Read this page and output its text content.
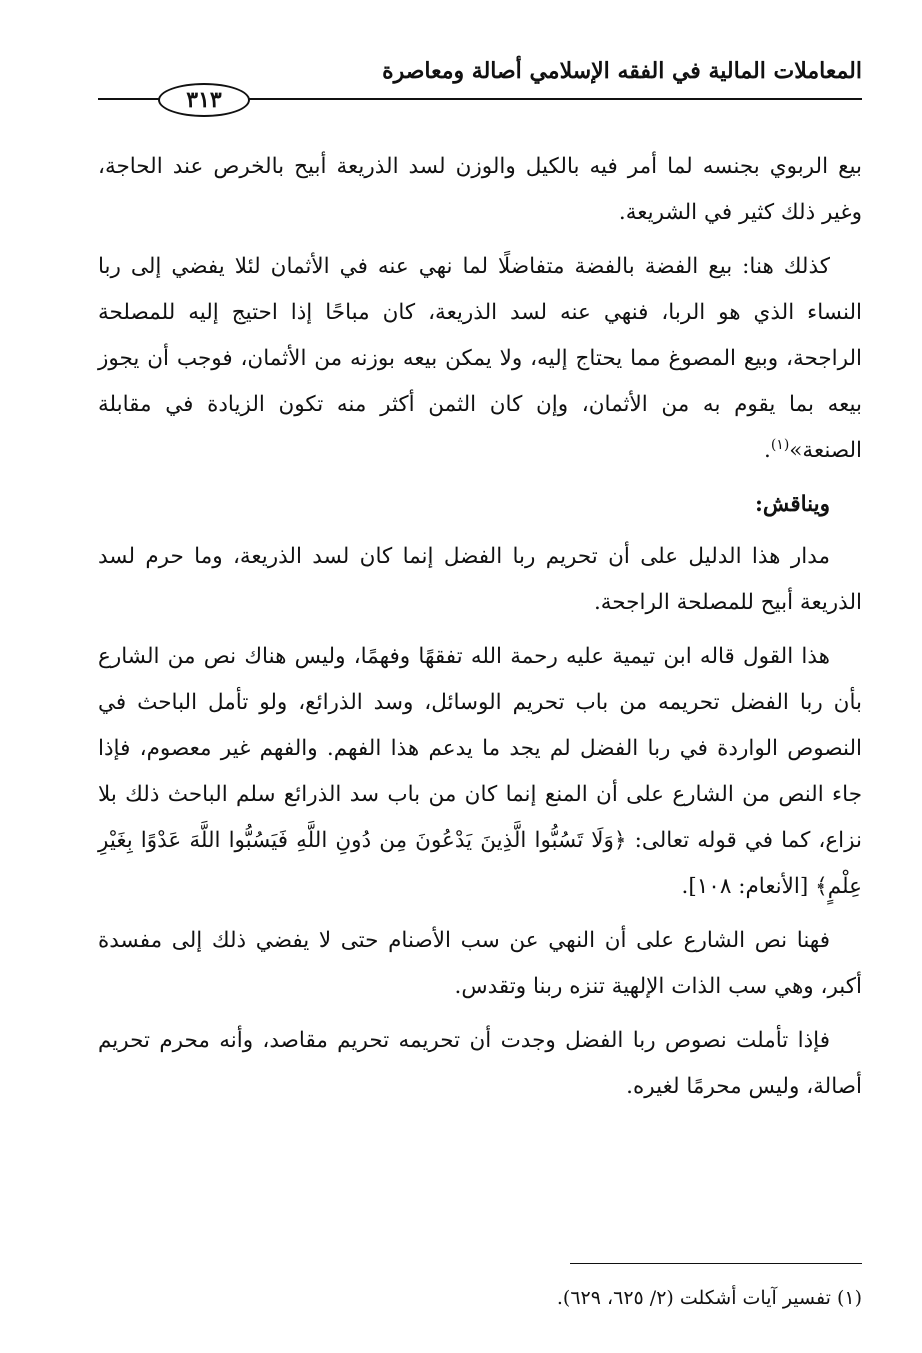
المعاملات المالية في الفقه الإسلامي أصالة ومعاصرة
٣١٣

بيع الربوي بجنسه لما أمر فيه بالكيل والوزن لسد الذريعة أبيح بالخرص عند الحاجة، وغير ذلك كثير في الشريعة.

كذلك هنا: بيع الفضة بالفضة متفاضلًا لما نهي عنه في الأثمان لئلا يفضي إلى ربا النساء الذي هو الربا، فنهي عنه لسد الذريعة، كان مباحًا إذا احتيج إليه للمصلحة الراجحة، وبيع المصوغ مما يحتاج إليه، ولا يمكن بيعه بوزنه من الأثمان، فوجب أن يجوز بيعه بما يقوم به من الأثمان، وإن كان الثمن أكثر منه تكون الزيادة في مقابلة الصنعة»$^{(١)}$.

ويناقش:

مدار هذا الدليل على أن تحريم ربا الفضل إنما كان لسد الذريعة، وما حرم لسد الذريعة أبيح للمصلحة الراجحة.

هذا القول قاله ابن تيمية عليه رحمة الله تفقهًا وفهمًا، وليس هناك نص من الشارع بأن ربا الفضل تحريمه من باب تحريم الوسائل، وسد الذرائع، ولو تأمل الباحث في النصوص الواردة في ربا الفضل لم يجد ما يدعم هذا الفهم. والفهم غير معصوم، فإذا جاء النص من الشارع على أن المنع إنما كان من باب سد الذرائع سلم الباحث ذلك بلا نزاع، كما في قوله تعالى: ﴿وَلَا تَسُبُّوا الَّذِينَ يَدْعُونَ مِن دُونِ اللَّهِ فَيَسُبُّوا اللَّهَ عَدْوًا بِغَيْرِ عِلْمٍ﴾ [الأنعام: ١٠٨].

فهنا نص الشارع على أن النهي عن سب الأصنام حتى لا يفضي ذلك إلى مفسدة أكبر، وهي سب الذات الإلهية تنزه ربنا وتقدس.

فإذا تأملت نصوص ربا الفضل وجدت أن تحريمه تحريم مقاصد، وأنه محرم تحريم أصالة، وليس محرمًا لغيره.

(١) تفسير آيات أشكلت (٢/ ٦٢٥، ٦٢٩).
